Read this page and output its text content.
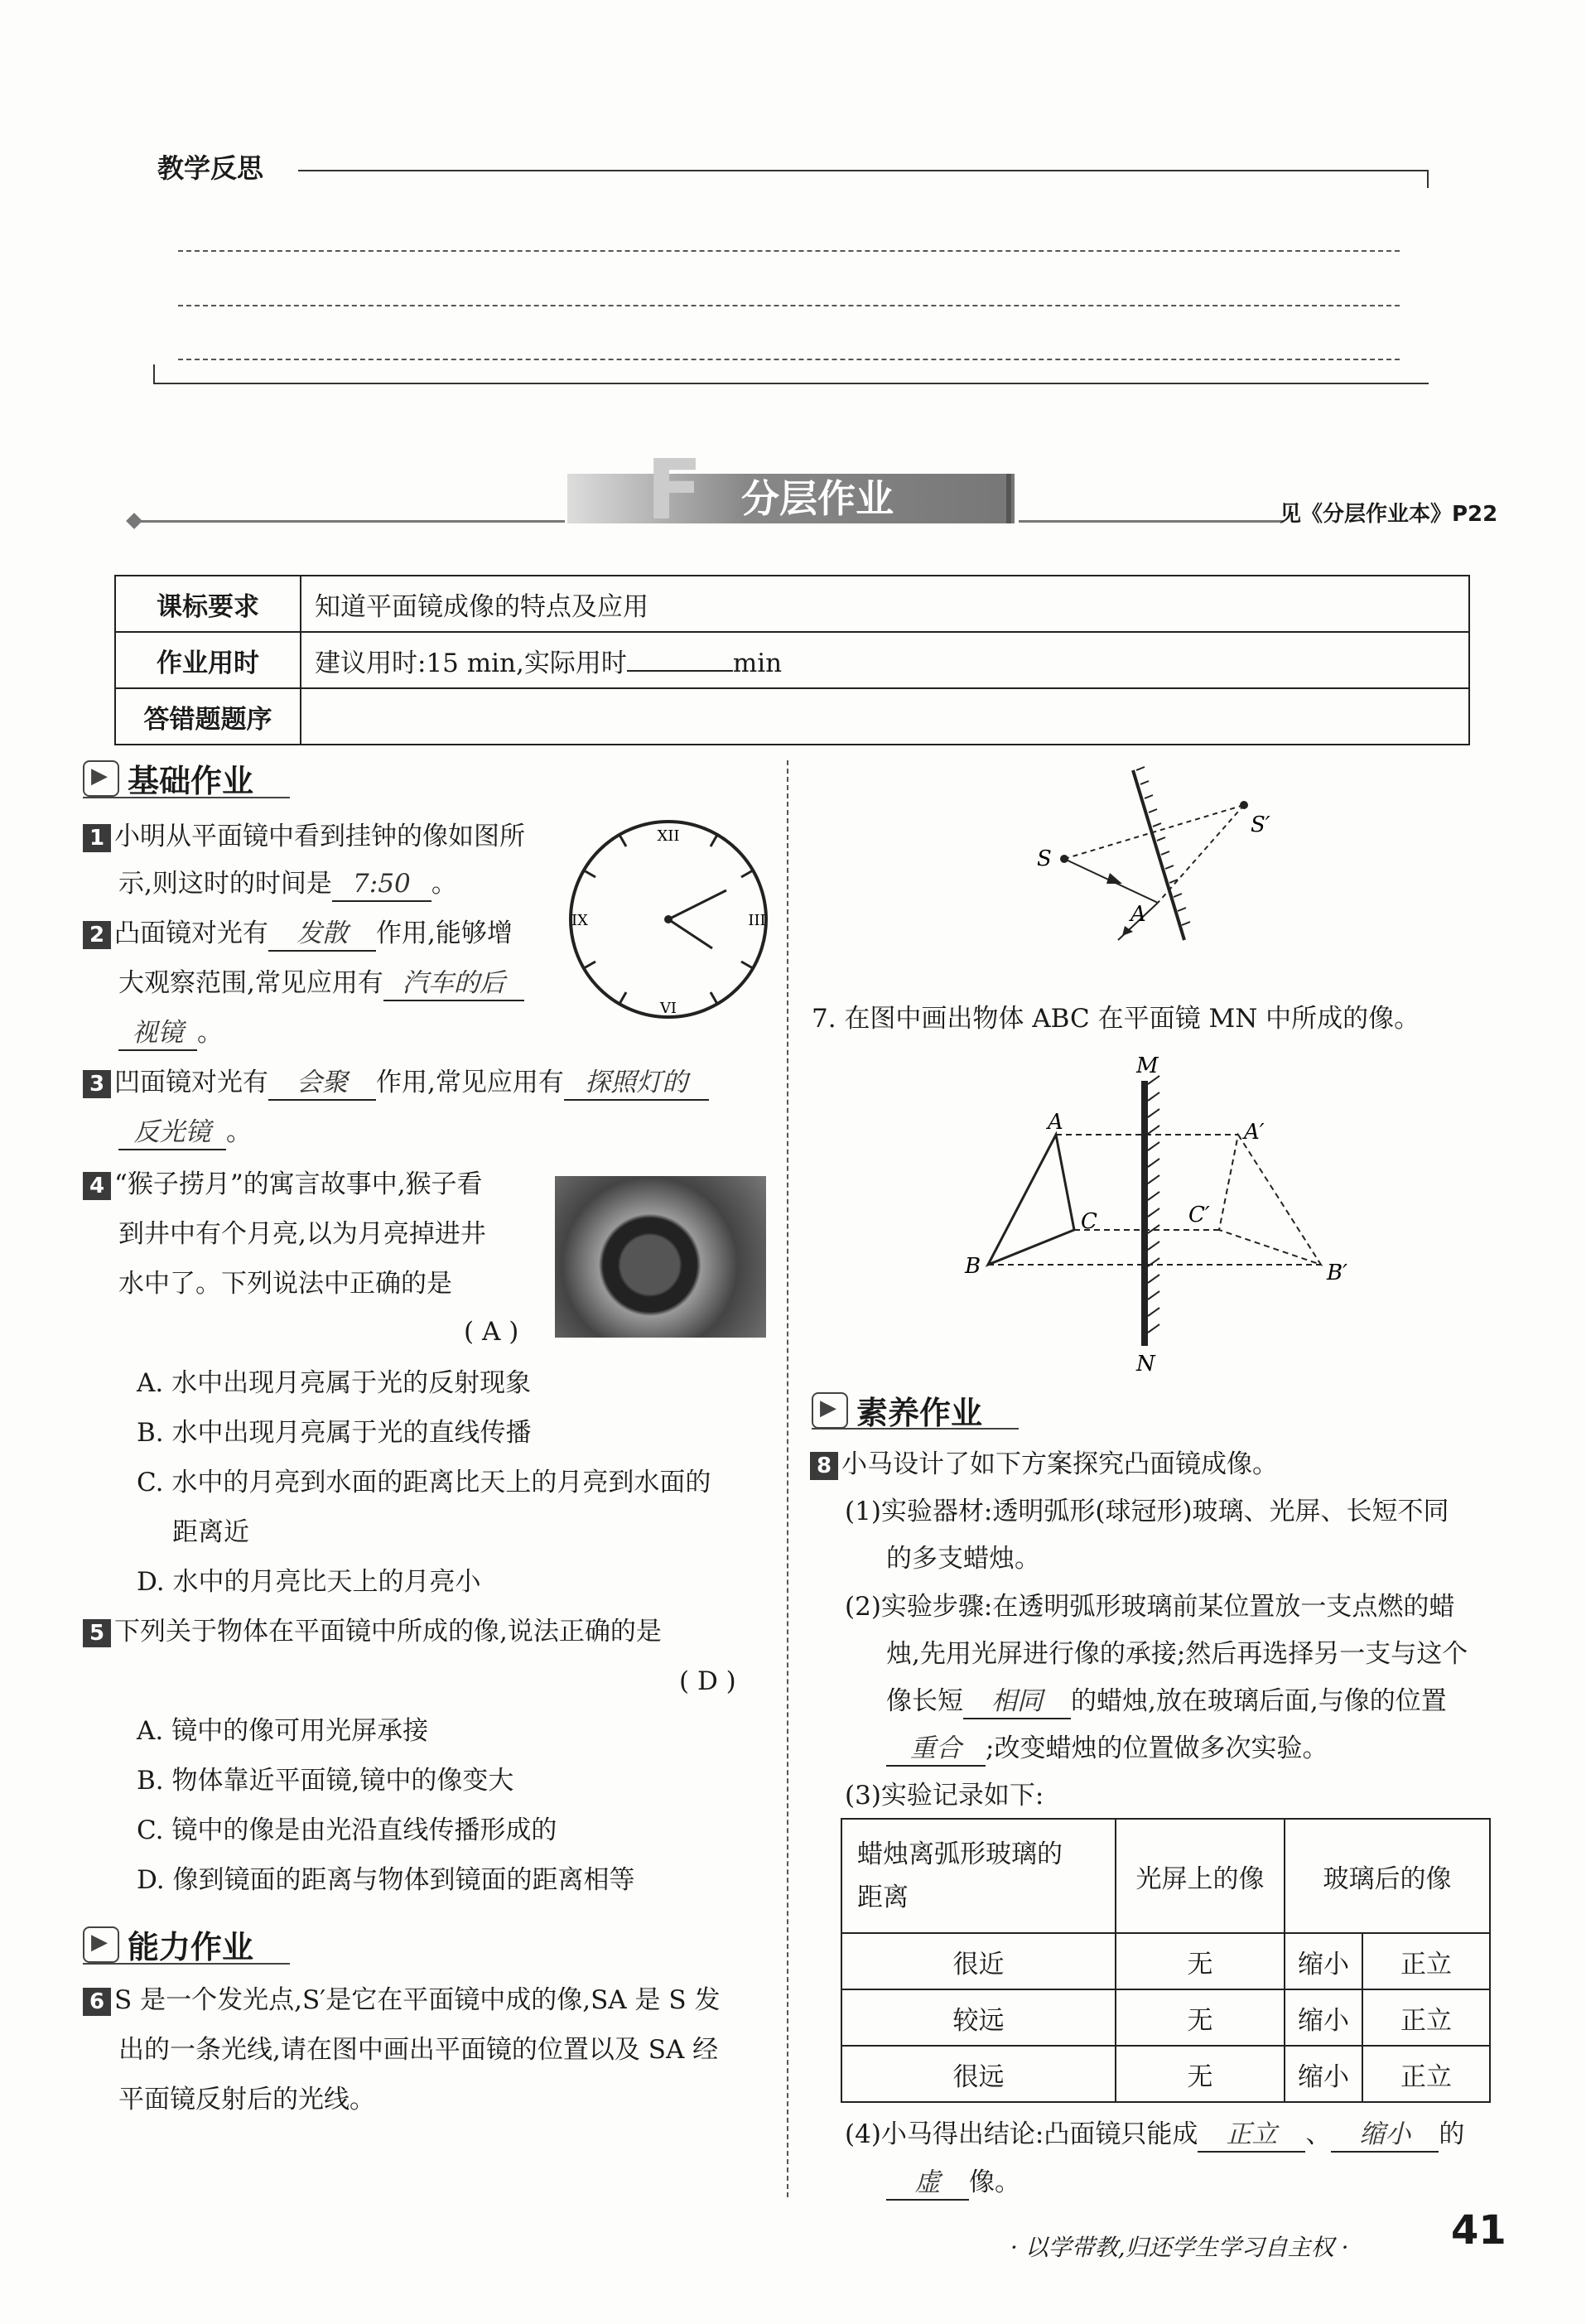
教学反思
F 分层作业	见《分层作业本》P22
课标要求	知道平面镜成像的特点及应用
作业用时	建议用时:15 min,实际用时 min
答错题题序	
▶
基础作业
1 小明从平面镜中看到挂钟的像如图所
示,则这时的时间是 7:50 。
XII
III
VI
IX
2 凸面镜对光有 发散 作用,能够增
大观察范围,常见应用有 汽车的后
视镜 。
3 凹面镜对光有 会聚 作用,常见应用有 探照灯的
反光镜 。
4 “猴子捞月”的寓言故事中,猴子看
到井中有个月亮,以为月亮掉进井
水中了。下列说法中正确的是
( A )
A. 水中出现月亮属于光的反射现象
B. 水中出现月亮属于光的直线传播
C. 水中的月亮到水面的距离比天上的月亮到水面的
距离近
D. 水中的月亮比天上的月亮小
5 下列关于物体在平面镜中所成的像,说法正确的是
( D )
A. 镜中的像可用光屏承接
B. 物体靠近平面镜,镜中的像变大
C. 镜中的像是由光沿直线传播形成的
D. 像到镜面的距离与物体到镜面的距离相等
▶
能力作业
6 S 是一个发光点,S′是它在平面镜中成的像,SA 是 S 发
出的一条光线,请在图中画出平面镜的位置以及 SA 经
平面镜反射后的光线。
S
S′
A
7. 在图中画出物体 ABC 在平面镜 MN 中所成的像。
M
N
A
B
C
A′
B′
C′
▶
素养作业
8 小马设计了如下方案探究凸面镜成像。
(1)实验器材:透明弧形(球冠形)玻璃、光屏、长短不同
的多支蜡烛。
(2)实验步骤:在透明弧形玻璃前某位置放一支点燃的蜡
烛,先用光屏进行像的承接;然后再选择另一支与这个
像长短 相同 的蜡烛,放在玻璃后面,与像的位置
重合 ;改变蜡烛的位置做多次实验。
(3)实验记录如下:
蜡烛离弧形玻璃的
距离	光屏上的像	玻璃后的像	
很近	无	缩小	正立
较远	无	缩小	正立
很远	无	缩小	正立
(4)小马得出结论:凸面镜只能成 正立 、 缩小 的
虚 像。
· 以学带教,归还学生学习自主权 ·	41
